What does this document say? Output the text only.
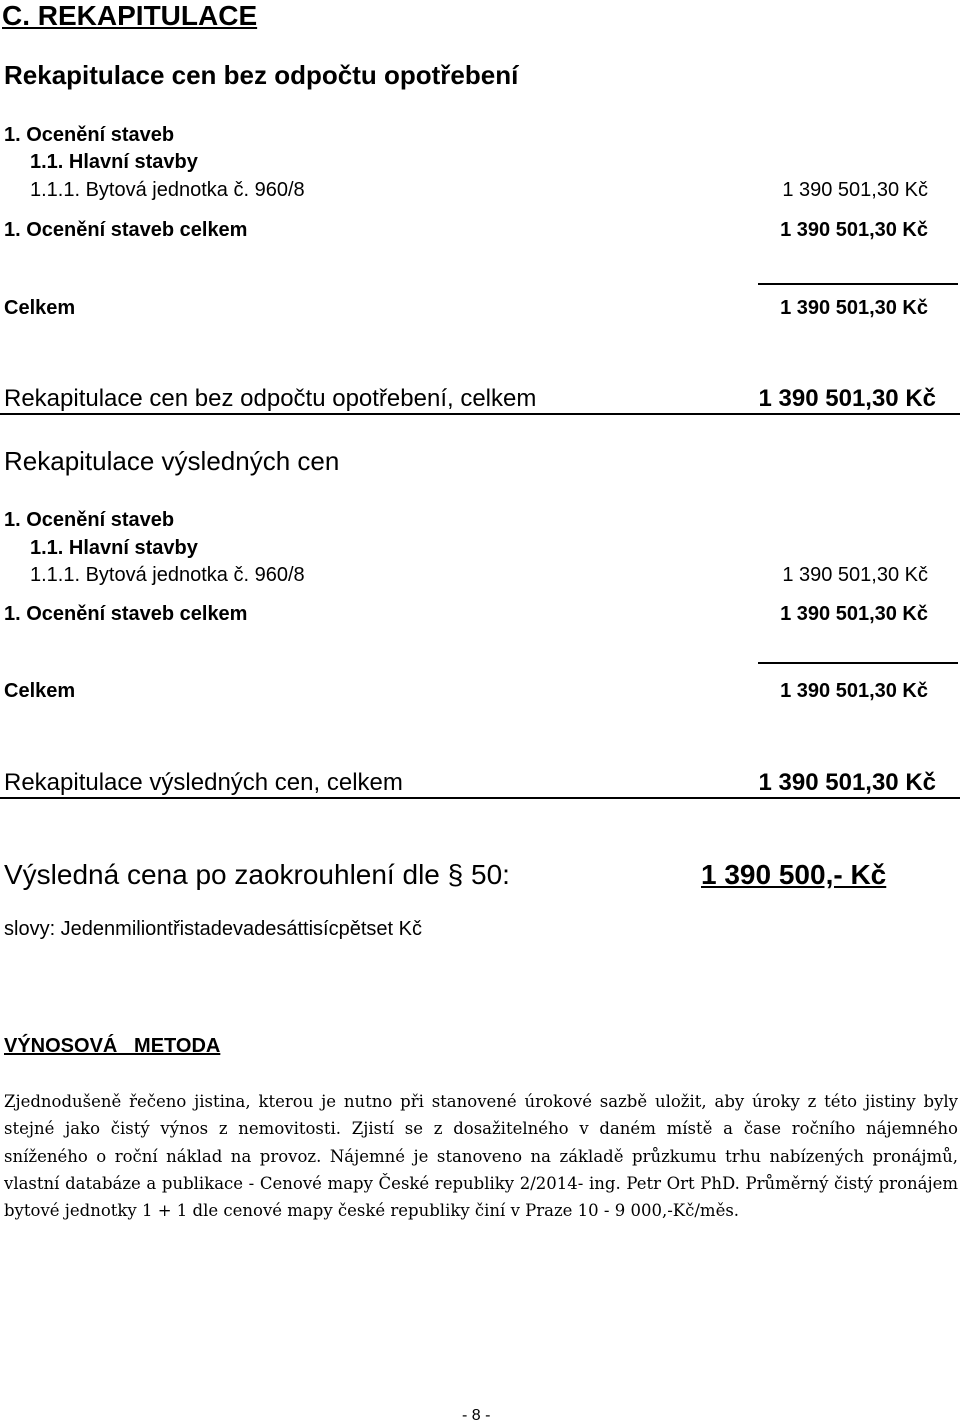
C. REKAPITULACE
Rekapitulace cen bez odpočtu opotřebení
1. Ocenění staveb
1.1. Hlavní stavby
1.1.1. Bytová jednotka č. 960/8	1 390 501,30 Kč
1. Ocenění staveb celkem	1 390 501,30 Kč
Celkem	1 390 501,30 Kč
Rekapitulace cen bez odpočtu opotřebení, celkem	1 390 501,30 Kč
Rekapitulace výsledných cen
1. Ocenění staveb
1.1. Hlavní stavby
1.1.1. Bytová jednotka č. 960/8	1 390 501,30 Kč
1. Ocenění staveb celkem	1 390 501,30 Kč
Celkem	1 390 501,30 Kč
Rekapitulace výsledných cen, celkem	1 390 501,30 Kč
Výsledná cena po zaokrouhlení dle § 50:	1 390 500,- Kč
slovy: Jedenmiliontřistadevadesáttisícpětset Kč
VÝNOSOVÁ   METODA
Zjednodušeně řečeno jistina, kterou je nutno při stanovené úrokové sazbě uložit, aby úroky z této jistiny byly stejné jako čistý výnos z nemovitosti. Zjistí se z dosažitelného v daném místě a čase ročního nájemného sníženého o roční náklad na provoz. Nájemné je stanoveno na základě průzkumu trhu nabízených pronájmů, vlastní databáze a publikace - Cenové mapy České republiky 2/2014- ing. Petr Ort PhD. Průměrný čistý pronájem bytové jednotky 1 + 1 dle cenové mapy české republiky činí v Praze 10 - 9 000,-Kč/měs.
- 8 -
